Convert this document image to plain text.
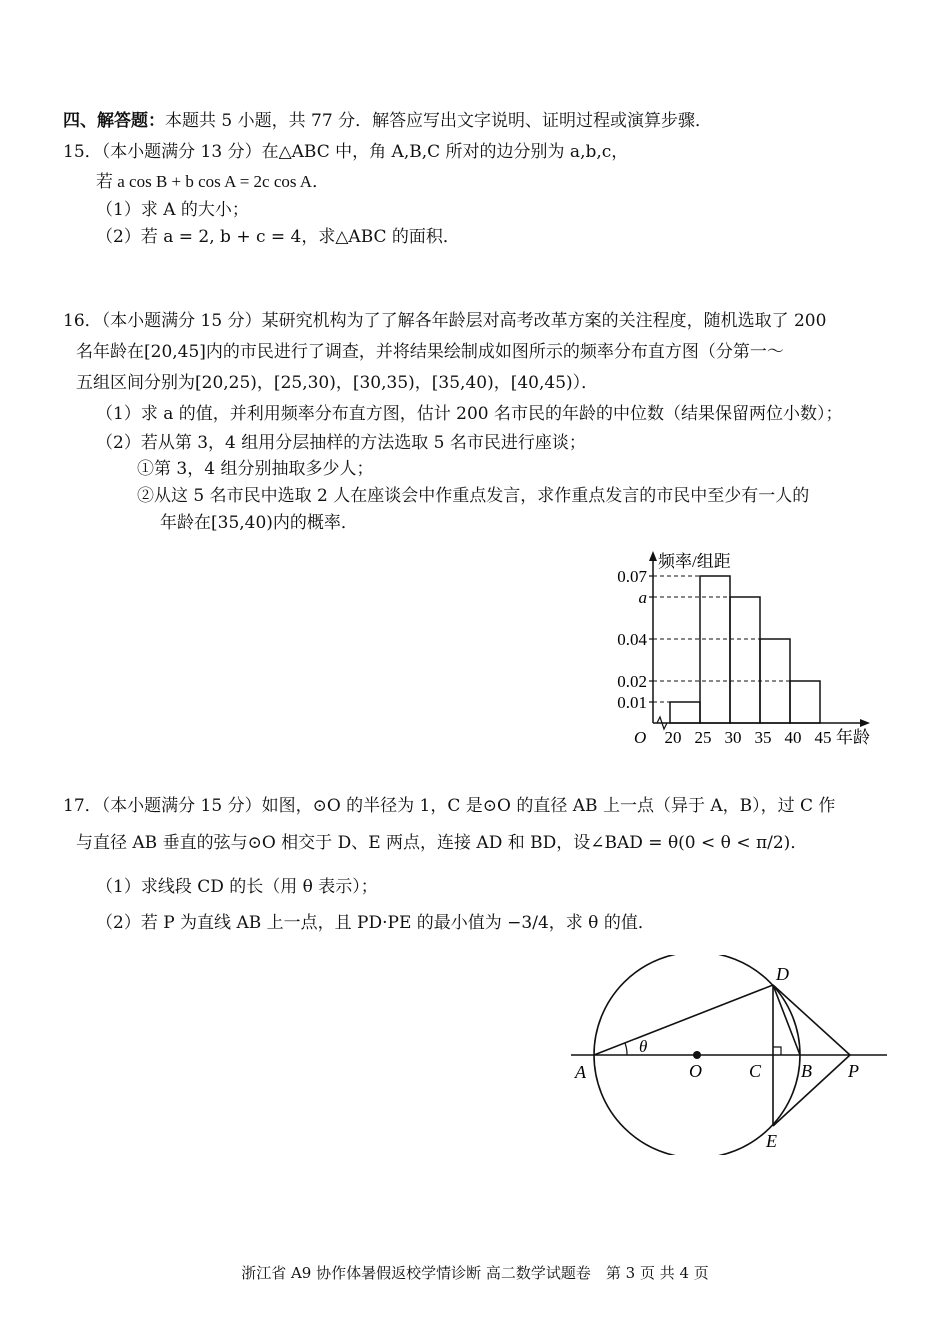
四、解答题：本题共 5 小题，共 77 分．解答应写出文字说明、证明过程或演算步骤．
15．（本小题满分 13 分）在△ABC 中，角 A,B,C 所对的边分别为 a,b,c，
若 a cos B + b cos A = 2c cos A．
（1）求 A 的大小；
（2）若 a = 2, b + c = 4，求△ABC 的面积．
16．（本小题满分 15 分）某研究机构为了了解各年龄层对高考改革方案的关注程度，随机选取了 200
名年龄在[20,45]内的市民进行了调查，并将结果绘制成如图所示的频率分布直方图（分第一～
五组区间分别为[20,25)，[25,30)，[30,35)，[35,40)，[40,45)）．
（1）求 a 的值，并利用频率分布直方图，估计 200 名市民的年龄的中位数（结果保留两位小数）；
（2）若从第 3，4 组用分层抽样的方法选取 5 名市民进行座谈；
①第 3，4 组分别抽取多少人；
②从这 5 名市民中选取 2 人在座谈会中作重点发言，求作重点发言的市民中至少有一人的
年龄在[35,40)内的概率．
0.01
0.02
0.04
a
0.07
20 25 30 35 40 45
频率/组距
年龄
O
17．（本小题满分 15 分）如图，⊙O 的半径为 1，C 是⊙O 的直径 AB 上一点（异于 A，B），过 C 作
与直径 AB 垂直的弦与⊙O 相交于 D、E 两点，连接 AD 和 BD，设∠BAD = θ(0 < θ < π/2)．
（1）求线段 CD 的长（用 θ 表示）；
（2）若 P 为直线 AB 上一点，且 PD·PE 的最小值为 −3/4，求 θ 的值．
θ
A	O	C B P
D
E
浙江省 A9 协作体暑假返校学情诊断 高二数学试题卷　第 3 页 共 4 页
